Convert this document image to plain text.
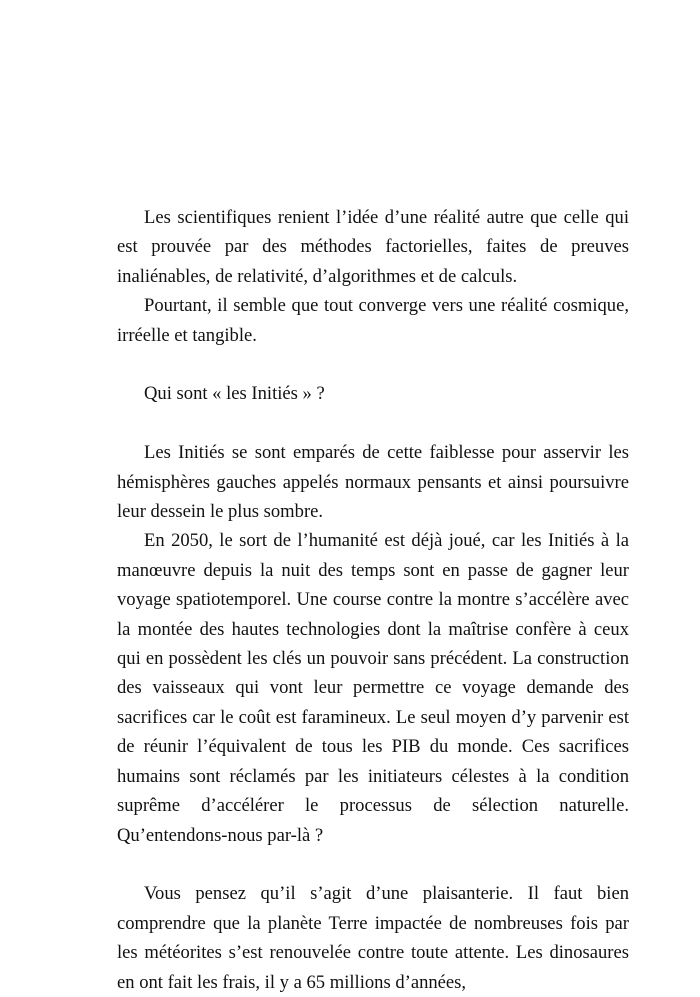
Les scientifiques renient l’idée d’une réalité autre que celle qui est prouvée par des méthodes factorielles, faites de preuves inaliénables, de relativité, d’algorithmes et de calculs.

Pourtant, il semble que tout converge vers une réalité cosmique, irréelle et tangible.

Qui sont « les Initiés » ?

Les Initiés se sont emparés de cette faiblesse pour asservir les hémisphères gauches appelés normaux pensants et ainsi poursuivre leur dessein le plus sombre.

En 2050, le sort de l’humanité est déjà joué, car les Initiés à la manœuvre depuis la nuit des temps sont en passe de gagner leur voyage spatiotemporel. Une course contre la montre s’accélère avec la montée des hautes technologies dont la maîtrise confère à ceux qui en possèdent les clés un pouvoir sans précédent. La construction des vaisseaux qui vont leur permettre ce voyage demande des sacrifices car le coût est faramineux. Le seul moyen d’y parvenir est de réunir l’équivalent de tous les PIB du monde. Ces sacrifices humains sont réclamés par les initiateurs célestes à la condition suprême d’accélérer le processus de sélection naturelle. Qu’entendons-nous par-là ?

Vous pensez qu’il s’agit d’une plaisanterie. Il faut bien comprendre que la planète Terre impactée de nombreuses fois par les météorites s’est renouvelée contre toute attente. Les dinosaures en ont fait les frais, il y a 65 millions d’années,
